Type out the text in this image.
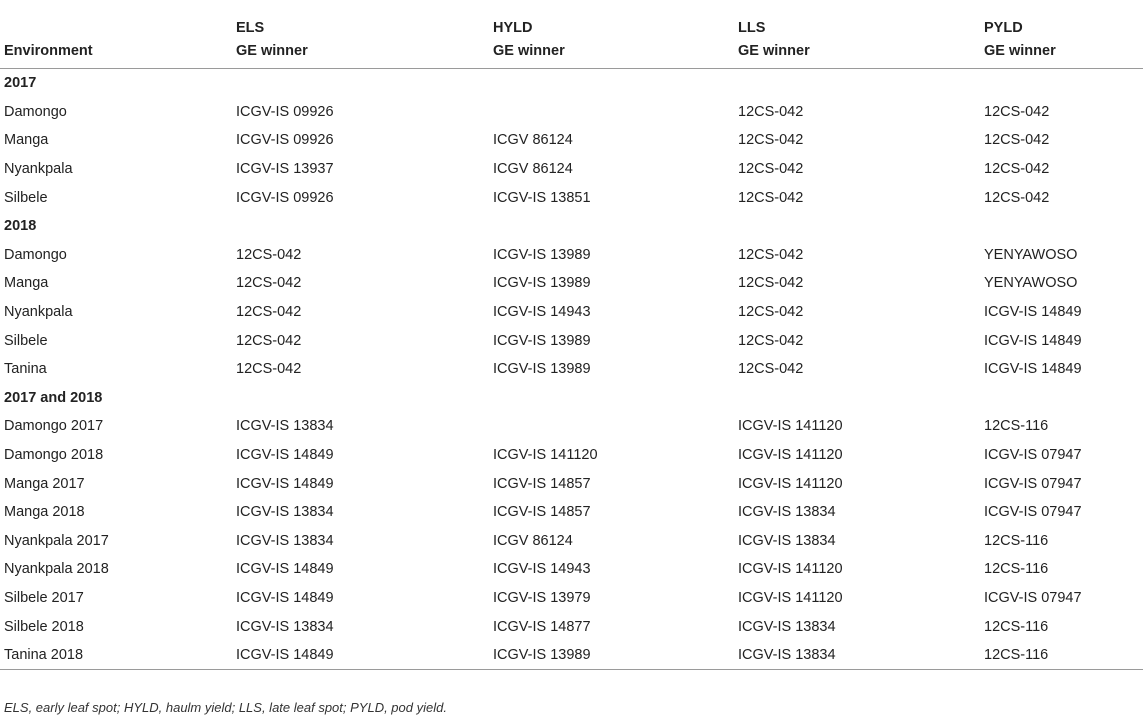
	ELS	HYLD	LLS	PYLD
Environment	GE winner	GE winner	GE winner	GE winner
2017				
Damongo	ICGV-IS 09926		12CS-042	12CS-042
Manga	ICGV-IS 09926	ICGV 86124	12CS-042	12CS-042
Nyankpala	ICGV-IS 13937	ICGV 86124	12CS-042	12CS-042
Silbele	ICGV-IS 09926	ICGV-IS 13851	12CS-042	12CS-042
2018				
Damongo	12CS-042	ICGV-IS 13989	12CS-042	YENYAWOSO
Manga	12CS-042	ICGV-IS 13989	12CS-042	YENYAWOSO
Nyankpala	12CS-042	ICGV-IS 14943	12CS-042	ICGV-IS 14849
Silbele	12CS-042	ICGV-IS 13989	12CS-042	ICGV-IS 14849
Tanina	12CS-042	ICGV-IS 13989	12CS-042	ICGV-IS 14849
2017 and 2018				
Damongo 2017	ICGV-IS 13834		ICGV-IS 141120	12CS-116
Damongo 2018	ICGV-IS 14849	ICGV-IS 141120	ICGV-IS 141120	ICGV-IS 07947
Manga 2017	ICGV-IS 14849	ICGV-IS 14857	ICGV-IS 141120	ICGV-IS 07947
Manga 2018	ICGV-IS 13834	ICGV-IS 14857	ICGV-IS 13834	ICGV-IS 07947
Nyankpala 2017	ICGV-IS 13834	ICGV 86124	ICGV-IS 13834	12CS-116
Nyankpala 2018	ICGV-IS 14849	ICGV-IS 14943	ICGV-IS 141120	12CS-116
Silbele 2017	ICGV-IS 14849	ICGV-IS 13979	ICGV-IS 141120	ICGV-IS 07947
Silbele 2018	ICGV-IS 13834	ICGV-IS 14877	ICGV-IS 13834	12CS-116
Tanina 2018	ICGV-IS 14849	ICGV-IS 13989	ICGV-IS 13834	12CS-116
ELS, early leaf spot; HYLD, haulm yield; LLS, late leaf spot; PYLD, pod yield.
